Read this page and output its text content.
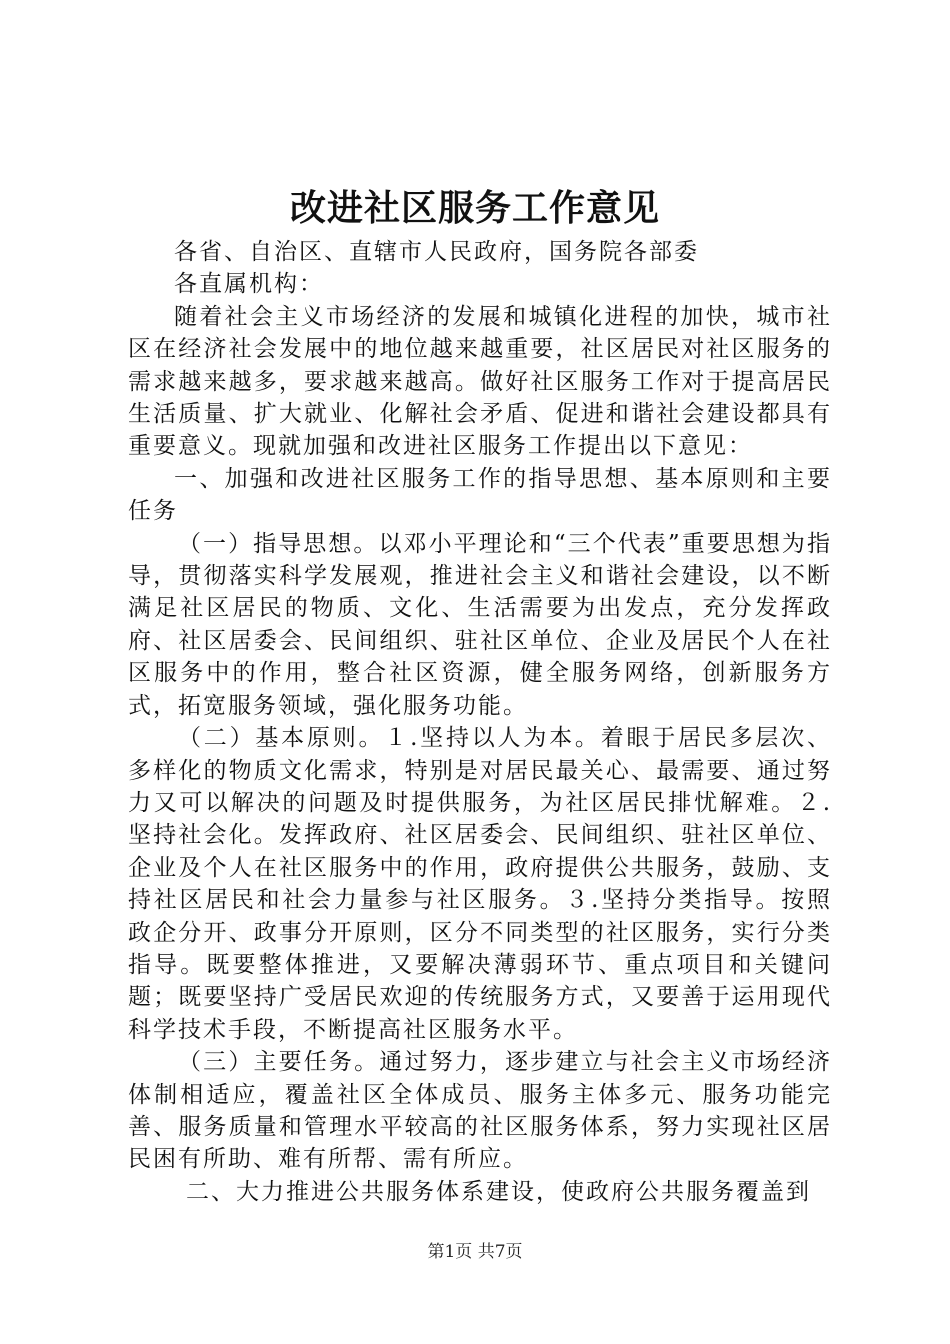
改进社区服务工作意见

各省、自治区、直辖市人民政府，国务院各部委

各直属机构：

随着社会主义市场经济的发展和城镇化进程的加快，城市社区在经济社会发展中的地位越来越重要，社区居民对社区服务的需求越来越多，要求越来越高。做好社区服务工作对于提高居民生活质量、扩大就业、化解社会矛盾、促进和谐社会建设都具有重要意义。现就加强和改进社区服务工作提出以下意见：

一、加强和改进社区服务工作的指导思想、基本原则和主要任务

（一）指导思想。以邓小平理论和“三个代表”重要思想为指导，贯彻落实科学发展观，推进社会主义和谐社会建设，以不断满足社区居民的物质、文化、生活需要为出发点，充分发挥政府、社区居委会、民间组织、驻社区单位、企业及居民个人在社区服务中的作用，整合社区资源，健全服务网络，创新服务方式，拓宽服务领域，强化服务功能。

（二）基本原则。１.坚持以人为本。着眼于居民多层次、多样化的物质文化需求，特别是对居民最关心、最需要、通过努力又可以解决的问题及时提供服务，为社区居民排忧解难。２.坚持社会化。发挥政府、社区居委会、民间组织、驻社区单位、企业及个人在社区服务中的作用，政府提供公共服务，鼓励、支持社区居民和社会力量参与社区服务。３.坚持分类指导。按照政企分开、政事分开原则，区分不同类型的社区服务，实行分类指导。既要整体推进，又要解决薄弱环节、重点项目和关键问题；既要坚持广受居民欢迎的传统服务方式，又要善于运用现代科学技术手段，不断提高社区服务水平。

（三）主要任务。通过努力，逐步建立与社会主义市场经济体制相适应，覆盖社区全体成员、服务主体多元、服务功能完善、服务质量和管理水平较高的社区服务体系，努力实现社区居民困有所助、难有所帮、需有所应。

二、大力推进公共服务体系建设，使政府公共服务覆盖到

第1页 共7页
